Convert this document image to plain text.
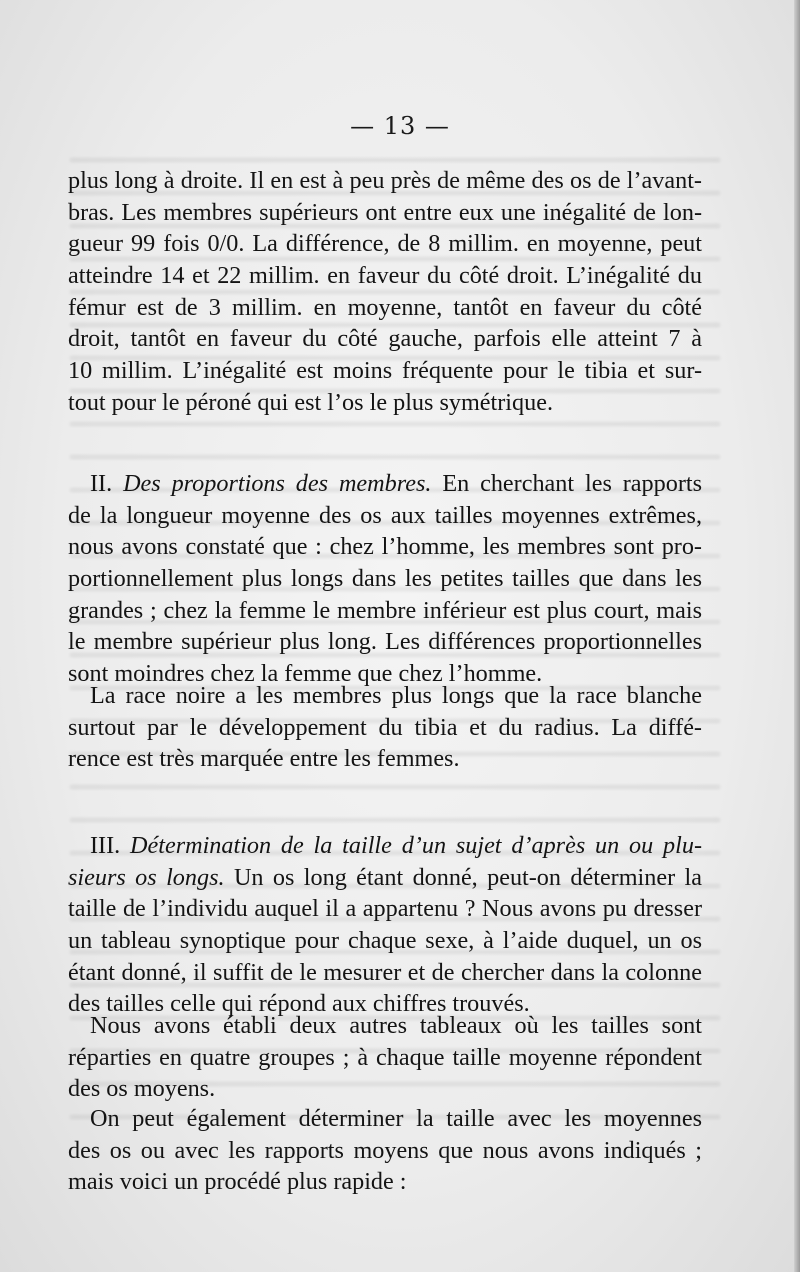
— 13 —
plus long à droite. Il en est à peu près de même des os de l’avant-
bras. Les membres supérieurs ont entre eux une inégalité de lon-
gueur 99 fois 0/0. La différence, de 8 millim. en moyenne, peut
atteindre 14 et 22 millim. en faveur du côté droit. L’inégalité du
fémur est de 3 millim. en moyenne, tantôt en faveur du côté
droit, tantôt en faveur du côté gauche, parfois elle atteint 7 à
10 millim. L’inégalité est moins fréquente pour le tibia et sur-
tout pour le péroné qui est l’os le plus symétrique.
II. Des proportions des membres. En cherchant les rapports
de la longueur moyenne des os aux tailles moyennes extrêmes,
nous avons constaté que : chez l’homme, les membres sont pro-
portionnellement plus longs dans les petites tailles que dans les
grandes ; chez la femme le membre inférieur est plus court, mais
le membre supérieur plus long. Les différences proportionnelles
sont moindres chez la femme que chez l’homme.
La race noire a les membres plus longs que la race blanche
surtout par le développement du tibia et du radius. La diffé-
rence est très marquée entre les femmes.
III. Détermination de la taille d’un sujet d’après un ou plu-
sieurs os longs. Un os long étant donné, peut-on déterminer la
taille de l’individu auquel il a appartenu ? Nous avons pu dresser
un tableau synoptique pour chaque sexe, à l’aide duquel, un os
étant donné, il suffit de le mesurer et de chercher dans la colonne
des tailles celle qui répond aux chiffres trouvés.
Nous avons établi deux autres tableaux où les tailles sont
réparties en quatre groupes ; à chaque taille moyenne répondent
des os moyens.
On peut également déterminer la taille avec les moyennes
des os ou avec les rapports moyens que nous avons indiqués ;
mais voici un procédé plus rapide :
